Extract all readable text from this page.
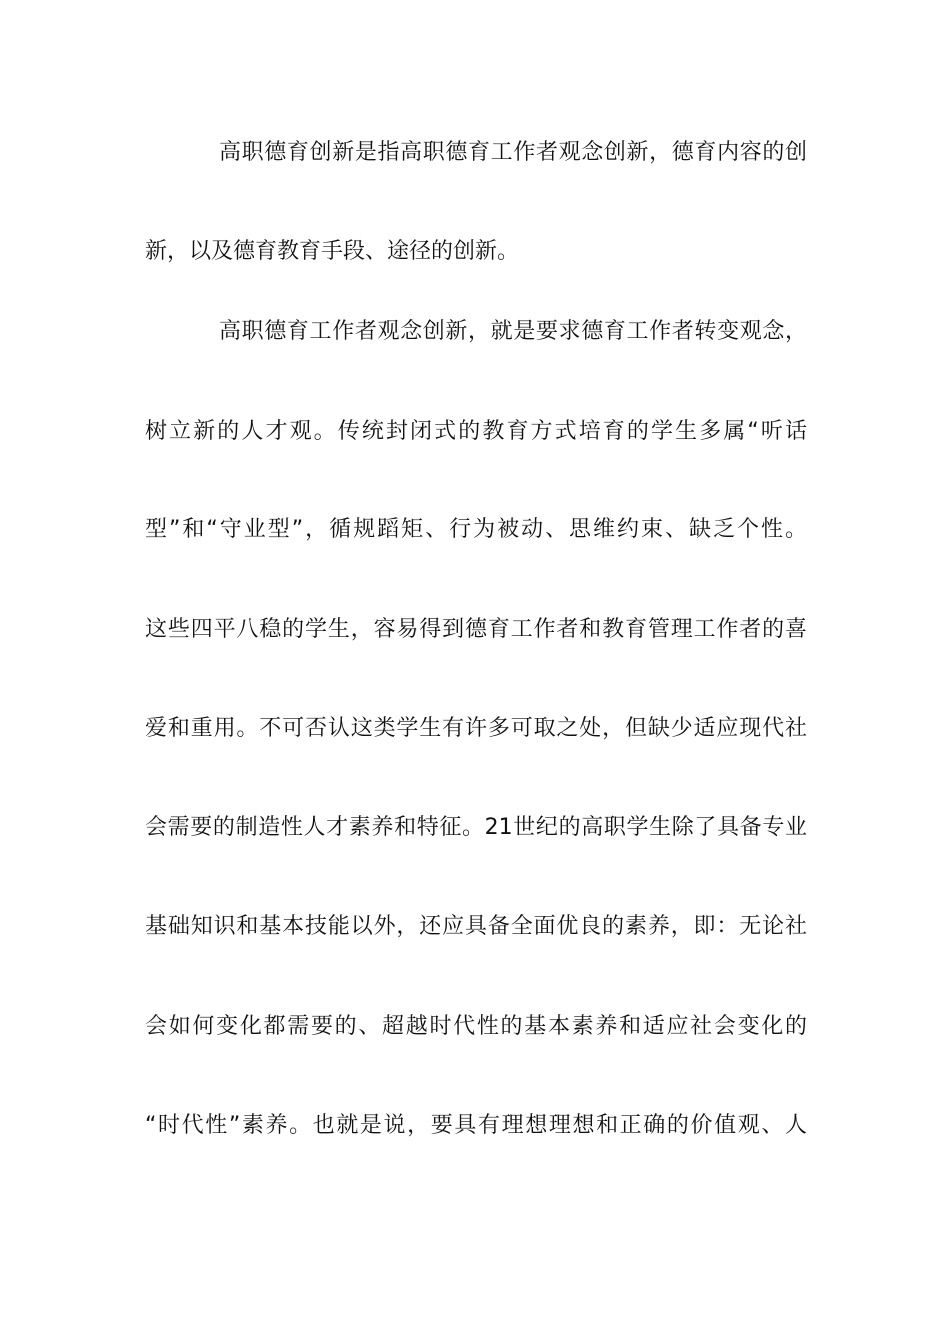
高职德育创新是指高职德育工作者观念创新，德育内容的创
新，以及德育教育手段、途径的创新。
高职德育工作者观念创新，就是要求德育工作者转变观念，
树立新的人才观。传统封闭式的教育方式培育的学生多属“听话
型”和“守业型”，循规蹈矩、行为被动、思维约束、缺乏个性。
这些四平八稳的学生，容易得到德育工作者和教育管理工作者的喜
爱和重用。不可否认这类学生有许多可取之处，但缺少适应现代社
会需要的制造性人才素养和特征。21世纪的高职学生除了具备专业
基础知识和基本技能以外，还应具备全面优良的素养，即：无论社
会如何变化都需要的、超越时代性的基本素养和适应社会变化的
“时代性”素养。也就是说，要具有理想理想和正确的价值观、人
